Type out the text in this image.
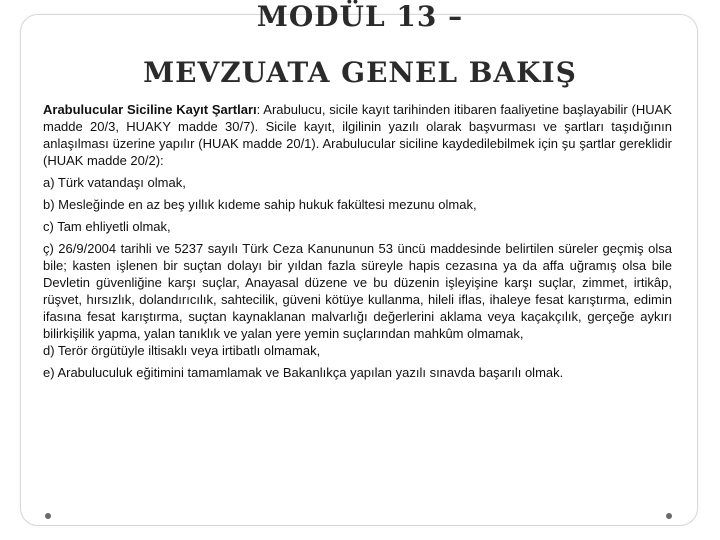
MODÜL 13 –
MEVZUATA GENEL BAKIŞ

Arabulucular Siciline Kayıt Şartları: Arabulucu, sicile kayıt tarihinden itibaren faaliyetine başlayabilir (HUAK madde 20/3, HUAKY madde 30/7). Sicile kayıt, ilgilinin yazılı olarak başvurması ve şartları taşıdığının anlaşılması üzerine yapılır (HUAK madde 20/1). Arabulucular siciline kaydedilebilmek için şu şartlar gereklidir (HUAK madde 20/2):

a) Türk vatandaşı olmak,

b) Mesleğinde en az beş yıllık kıdeme sahip hukuk fakültesi mezunu olmak,

c) Tam ehliyetli olmak,

ç) 26/9/2004 tarihli ve 5237 sayılı Türk Ceza Kanununun 53 üncü maddesinde belirtilen süreler geçmiş olsa bile; kasten işlenen bir suçtan dolayı bir yıldan fazla süreyle hapis cezasına ya da affa uğramış olsa bile Devletin güvenliğine karşı suçlar, Anayasal düzene ve bu düzenin işleyişine karşı suçlar, zimmet, irtikâp, rüşvet, hırsızlık, dolandırıcılık, sahtecilik, güveni kötüye kullanma, hileli iflas, ihaleye fesat karıştırma, edimin ifasına fesat karıştırma, suçtan kaynaklanan malvarlığı değerlerini aklama veya kaçakçılık, gerçeğe aykırı bilirkişilik yapma, yalan tanıklık ve yalan yere yemin suçlarından mahkûm olmamak,

d) Terör örgütüyle iltisaklı veya irtibatlı olmamak,

e) Arabuluculuk eğitimini tamamlamak ve Bakanlıkça yapılan yazılı sınavda başarılı olmak.
